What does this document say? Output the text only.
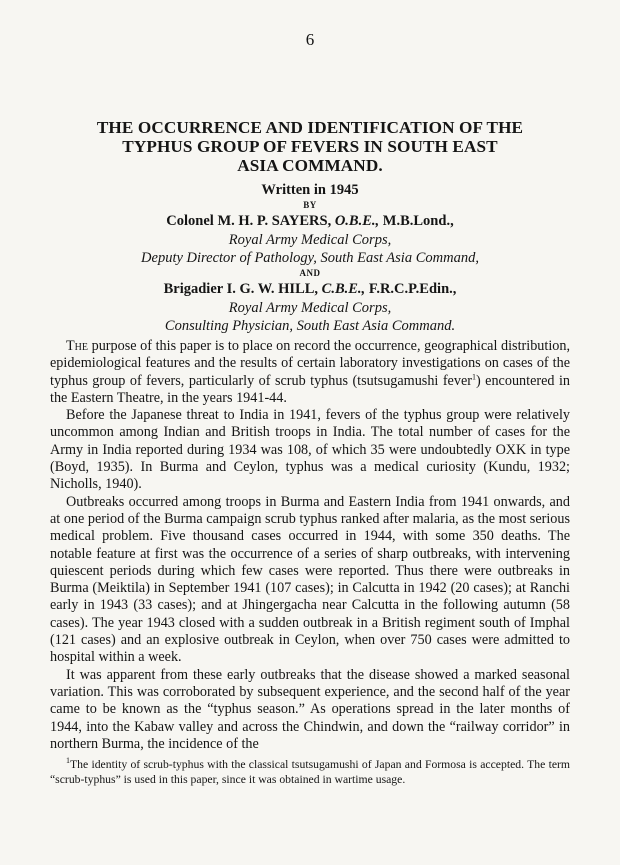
6
THE OCCURRENCE AND IDENTIFICATION OF THE
TYPHUS GROUP OF FEVERS IN SOUTH EAST
ASIA COMMAND.
Written in 1945
BY
Colonel M. H. P. SAYERS, O.B.E., M.B.Lond.,
Royal Army Medical Corps,
Deputy Director of Pathology, South East Asia Command,
AND
Brigadier I. G. W. HILL, C.B.E., F.R.C.P.Edin.,
Royal Army Medical Corps,
Consulting Physician, South East Asia Command.

The purpose of this paper is to place on record the occurrence, geographical distribution, epidemiological features and the results of certain laboratory investigations on cases of the typhus group of fevers, particularly of scrub typhus (tsutsugamushi fever$^1$) encountered in the Eastern Theatre, in the years 1941-44.

Before the Japanese threat to India in 1941, fevers of the typhus group were relatively uncommon among Indian and British troops in India. The total number of cases for the Army in India reported during 1934 was 108, of which 35 were undoubtedly OXK in type (Boyd, 1935). In Burma and Ceylon, typhus was a medical curiosity (Kundu, 1932; Nicholls, 1940).

Outbreaks occurred among troops in Burma and Eastern India from 1941 onwards, and at one period of the Burma campaign scrub typhus ranked after malaria, as the most serious medical problem. Five thousand cases occurred in 1944, with some 350 deaths. The notable feature at first was the occurrence of a series of sharp outbreaks, with intervening quiescent periods during which few cases were reported. Thus there were outbreaks in Burma (Meiktila) in September 1941 (107 cases); in Calcutta in 1942 (20 cases); at Ranchi early in 1943 (33 cases); and at Jhingergacha near Calcutta in the following autumn (58 cases). The year 1943 closed with a sudden outbreak in a British regiment south of Imphal (121 cases) and an explosive outbreak in Ceylon, when over 750 cases were admitted to hospital within a week.

It was apparent from these early outbreaks that the disease showed a marked seasonal variation. This was corroborated by subsequent experience, and the second half of the year came to be known as the “typhus season.” As operations spread in the later months of 1944, into the Kabaw valley and across the Chindwin, and down the “railway corridor” in northern Burma, the incidence of the

$^1$The identity of scrub-typhus with the classical tsutsugamushi of Japan and Formosa is accepted. The term “scrub-typhus” is used in this paper, since it was obtained in wartime usage.
